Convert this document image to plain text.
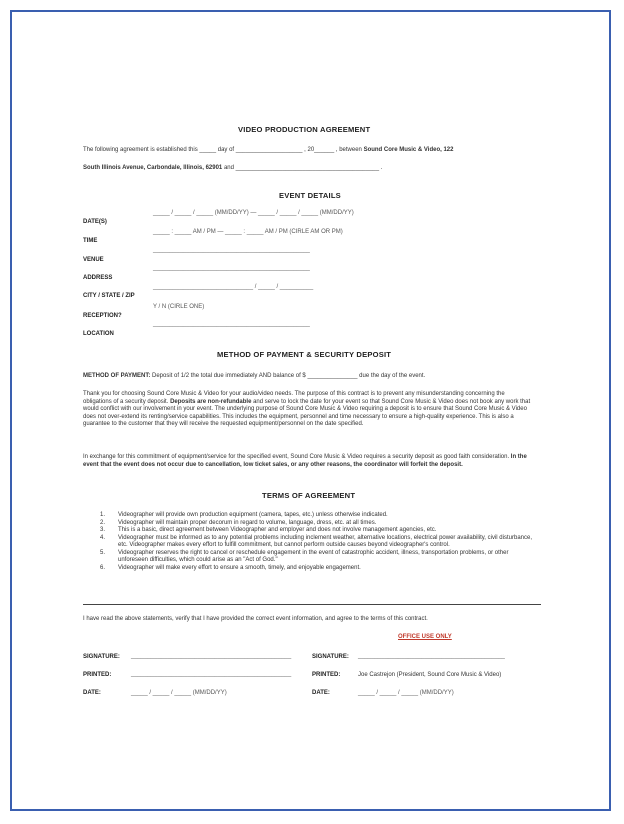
VIDEO PRODUCTION AGREEMENT
The following agreement is established this _____ day of ____________________ , 20______ , between Sound Core Music & Video, 122
South Illinois Avenue, Carbondale, Illinois, 62901 and ___________________________________________ .
EVENT DETAILS
DATE(S)
_____ / _____ / _____ (MM/DD/YY) — _____ / _____ / _____ (MM/DD/YY)
TIME
_____ : _____ AM / PM — _____ : _____ AM / PM (CIRLE AM OR PM)
VENUE
_______________________________________________
ADDRESS
_______________________________________________
CITY / STATE / ZIP
______________________________ / _____ / __________
RECEPTION?
Y / N (CIRLE ONE)
LOCATION
_______________________________________________
METHOD OF PAYMENT & SECURITY DEPOSIT
METHOD OF PAYMENT: Deposit of 1/2 the total due immediately AND balance of $ _______________ due the day of the event.
Thank you for choosing Sound Core Music & Video for your audio/video needs. The purpose of this contract is to prevent any misunderstanding concerning the obligations of a security deposit. Deposits are non-refundable and serve to lock the date for your event so that Sound Core Music & Video does not book any work that would conflict with our involvement in your event. The underlying purpose of Sound Core Music & Video requiring a deposit is to ensure that Sound Core Music & Video does not over-extend its renting/service capabilities. This includes the equipment, personnel and time necessary to ensure a high-quality experience. This is also a guarantee to the customer that they will receive the requested equipment/personnel on the date specified.
In exchange for this commitment of equipment/service for the specified event, Sound Core Music & Video requires a security deposit as good faith consideration. In the event that the event does not occur due to cancellation, low ticket sales, or any other reasons, the coordinator will forfeit the deposit.
TERMS OF AGREEMENT
1. Videographer will provide own production equipment (camera, tapes, etc.) unless otherwise indicated.
2. Videographer will maintain proper decorum in regard to volume, language, dress, etc. at all times.
3. This is a basic, direct agreement between Videographer and employer and does not involve management agencies, etc.
4. Videographer must be informed as to any potential problems including inclement weather, alternative locations, electrical power availability, civil disturbance, etc. Videographer makes every effort to fulfill commitment, but cannot perform outside causes beyond videographer's control.
5. Videographer reserves the right to cancel or reschedule engagement in the event of catastrophic accident, illness, transportation problems, or other unforeseen difficulties, which could arise as an "Act of God."
6. Videographer will make every effort to ensure a smooth, timely, and enjoyable engagement.
I have read the above statements, verify that I have provided the correct event information, and agree to the terms of this contract.
OFFICE USE ONLY
SIGNATURE: ________________________________________________
PRINTED:	________________________________________________
DATE:	_____ / _____ / _____ (MM/DD/YY)
SIGNATURE: ____________________________________________
PRINTED:	Joe Castrejon (President, Sound Core Music & Video)
DATE:	_____ / _____ / _____ (MM/DD/YY)
